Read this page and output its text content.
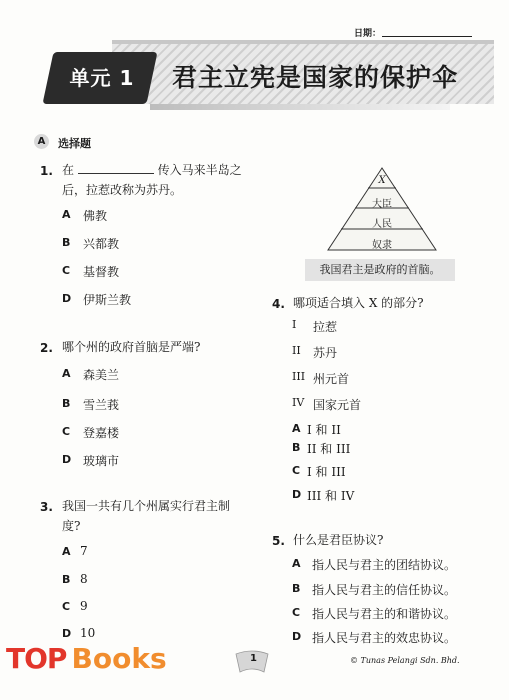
日期：
单元 1	君主立宪是国家的保护伞
A	选择题
1. 在	传入马来半岛之
后，拉惹改称为苏丹。
A 佛教
B 兴都教
C 基督教
D 伊斯兰教
2. 哪个州的政府首脑是严端?
A 森美兰
B 雪兰莪
C 登嘉楼
D 玻璃市
3. 我国一共有几个州属实行君主制
度?
A 7
B 8
C 9
D 10
X
大臣
人民
奴隶
我国君主是政府的首脑。
4. 哪项适合填入 X 的部分?
I 拉惹
II 苏丹
III 州元首
IV 国家元首
A I 和 II
B II 和 III
C I 和 III
D III 和 IV
5. 什么是君臣协议?
A 指人民与君主的团结协议。
B 指人民与君主的信任协议。
C 指人民与君主的和谐协议。
D 指人民与君主的效忠协议。
1	© Tunas Pelangi Sdn. Bhd.
TOP Books
